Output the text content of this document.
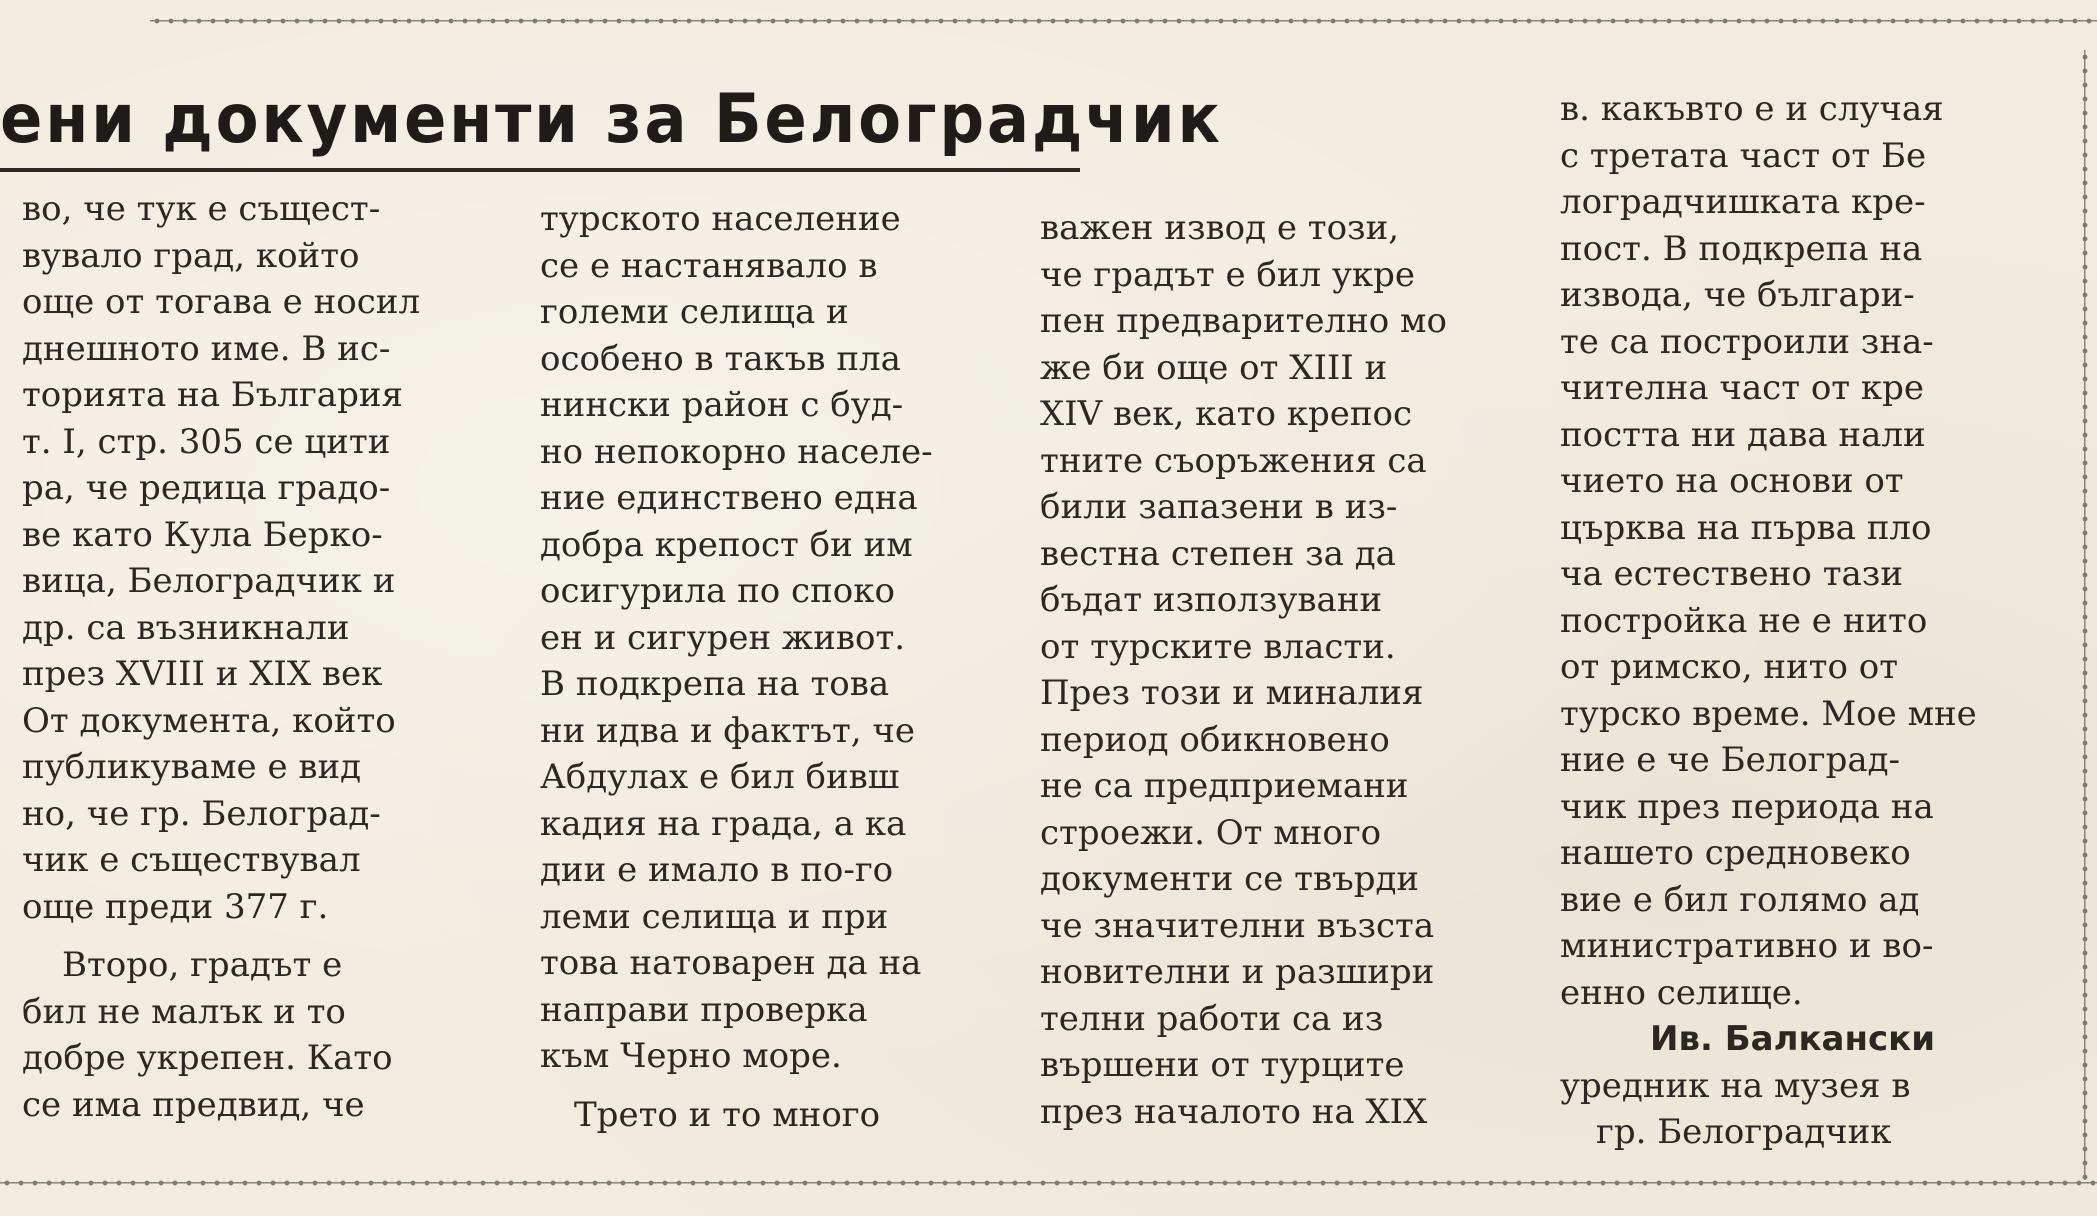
ени документи за Белоградчик
во, че тук е същест-
вувало град, който
още от тогава е носил
днешното име. В ис-
торията на България
т. I, стр. 305 се цити
ра, че редица градо-
ве като Кула Берко-
вица, Белоградчик и
др. са възникнали
през XVIII и XIX век
От документа, който
публикуваме е вид
но, че гр. Белоград-
чик е съществувал
още преди 377 г.
Второ, градът е
бил не малък и то
добре укрепен. Като
се има предвид, че
турското население
се е настанявало в
големи селища и
особено в такъв пла
нински район с буд-
но непокорно населе-
ние единствено една
добра крепост би им
осигурила по споко
ен и сигурен живот.
В подкрепа на това
ни идва и фактът, че
Абдулах е бил бивш
кадия на града, а ка
дии е имало в по-го
леми селища и при
това натоварен да на
направи проверка
към Черно море.
Трето и то много
важен извод е този,
че градът е бил укре
пен предварително мо
же би още от XIII и
XIV век, като крепос
тните съоръжения са
били запазени в из-
вестна степен за да
бъдат използувани
от турските власти.
През този и миналия
период обикновено
не са предприемани
строежи. От много
документи се твърди
че значителни възста
новителни и разшири
телни работи са из
вършени от турците
през началото на XIX
в. какъвто е и случая
с третата част от Бе
лоградчишката кре-
пост. В подкрепа на
извода, че българи-
те са построили зна-
чителна част от кре
постта ни дава нали
чието на основи от
църква на първа пло
ча естествено тази
постройка не е нито
от римско, нито от
турско време. Мое мне
ние е че Белоград-
чик през периода на
нашето средновеко
вие е бил голямо ад
министративно и во-
енно селище.
Ив. Балкански
уредник на музея в
гр. Белоградчик
